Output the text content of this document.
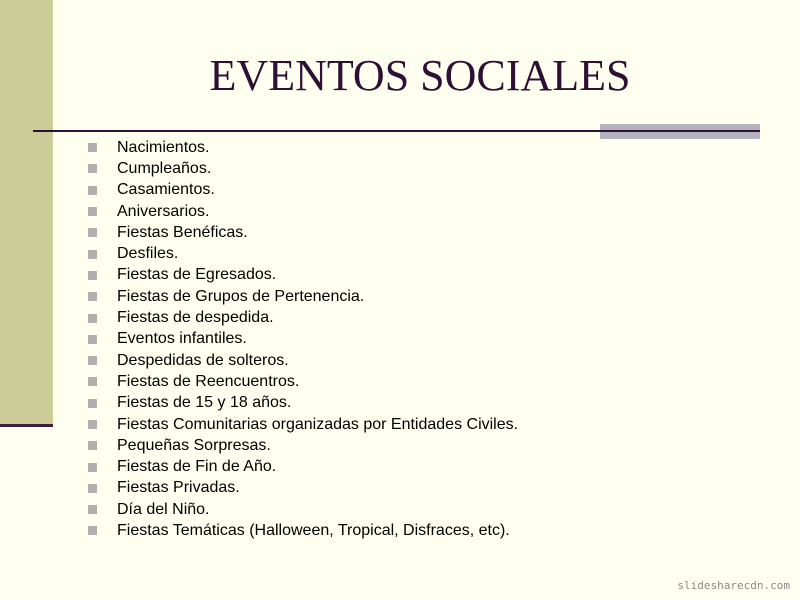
EVENTOS SOCIALES
Nacimientos.
Cumpleaños.
Casamientos.
Aniversarios.
Fiestas Benéficas.
Desfiles.
Fiestas de Egresados.
Fiestas de Grupos de Pertenencia.
Fiestas de despedida.
Eventos infantiles.
Despedidas de solteros.
Fiestas de Reencuentros.
Fiestas de 15 y 18 años.
Fiestas Comunitarias organizadas por Entidades Civiles.
Pequeñas Sorpresas.
Fiestas de Fin de Año.
Fiestas Privadas.
Día del Niño.
Fiestas Temáticas (Halloween, Tropical, Disfraces, etc).
slidesharecdn.com
